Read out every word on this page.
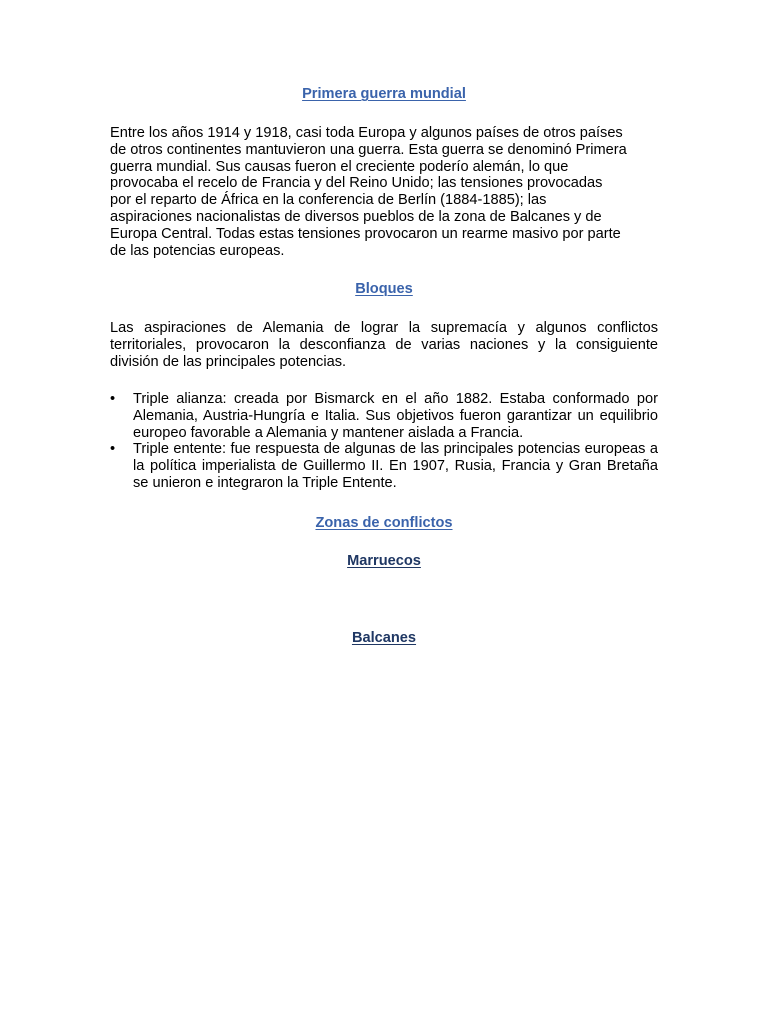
Primera guerra mundial

Entre los años 1914 y 1918, casi toda Europa y algunos países de otros países
de otros continentes mantuvieron una guerra. Esta guerra se denominó Primera
guerra mundial. Sus causas fueron el creciente poderío alemán, lo que
provocaba el recelo de Francia y del Reino Unido; las tensiones provocadas
por el reparto de África en la conferencia de Berlín (1884-1885); las
aspiraciones nacionalistas de diversos pueblos de la zona de Balcanes y de
Europa Central. Todas estas tensiones provocaron un rearme masivo por parte
de las potencias europeas.

Bloques

Las aspiraciones de Alemania de lograr la supremacía y algunos conflictos territoriales, provocaron la desconfianza de varias naciones y la consiguiente división de las principales potencias.

•	Triple alianza: creada por Bismarck en el año 1882. Estaba conformado por Alemania, Austria-Hungría e Italia. Sus objetivos fueron garantizar un equilibrio europeo favorable a Alemania y mantener aislada a Francia.
•	Triple entente: fue respuesta de algunas de las principales potencias europeas a la política imperialista de Guillermo II. En 1907, Rusia, Francia y Gran Bretaña se unieron e integraron la Triple Entente.
Zonas de conflictos
Marruecos
Balcanes
